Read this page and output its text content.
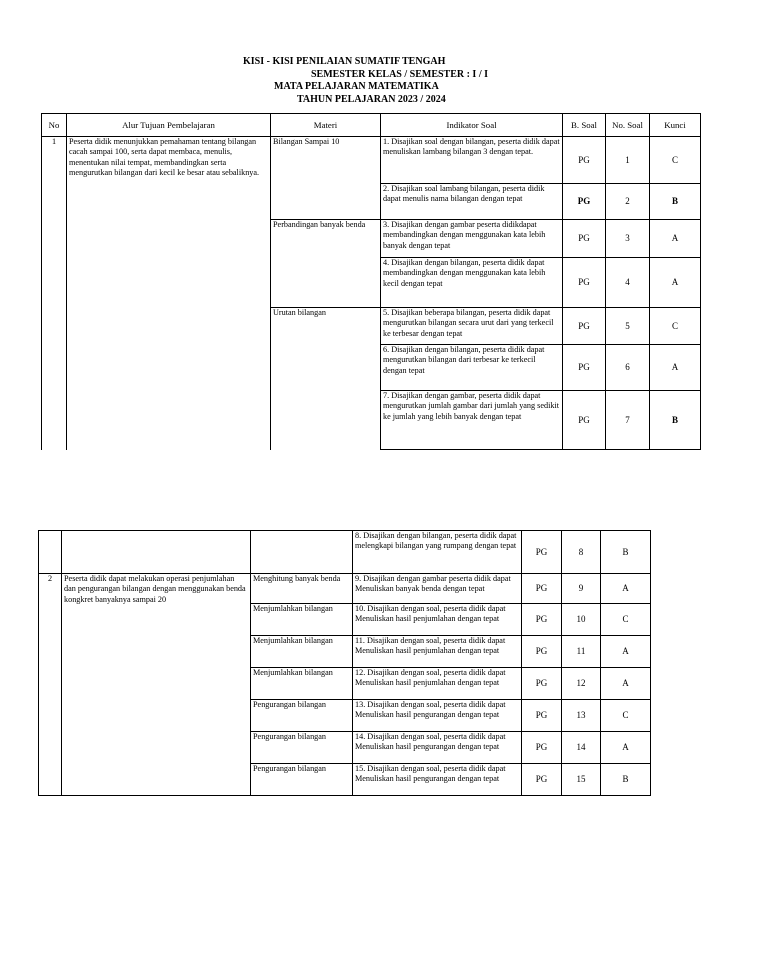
KISI - KISI PENILAIAN SUMATIF TENGAH
SEMESTER KELAS / SEMESTER : I / I
MATA PELAJARAN MATEMATIKA
TAHUN PELAJARAN 2023 / 2024
No	Alur Tujuan Pembelajaran	Materi	Indikator Soal	B. Soal	No. Soal	Kunci
1	Peserta didik menunjukkan pemahaman tentang bilangan cacah sampai 100, serta dapat membaca, menulis, menentukan nilai tempat, membandingkan serta mengurutkan bilangan dari kecil ke besar atau sebaliknya.	Bilangan Sampai 10	1. Disajikan soal dengan bilangan, peserta didik dapat menuliskan lambang bilangan 3 dengan tepat.	PG	1	C
			2. Disajikan soal lambang bilangan, peserta didik dapat menulis nama bilangan dengan tepat	PG	2	B
		Perbandingan banyak benda	3. Disajikan dengan gambar peserta didikdapat membandingkan dengan menggunakan kata lebih banyak dengan tepat	PG	3	A
			4. Disajikan dengan bilangan, peserta didik dapat membandingkan dengan menggunakan kata lebih kecil dengan tepat	PG	4	A
		Urutan bilangan	5. Disajikan beberapa bilangan, peserta didik dapat mengurutkan bilangan secara urut dari yang terkecil ke terbesar dengan tepat	PG	5	C
			6. Disajikan dengan bilangan, peserta didik dapat mengurutkan bilangan dari terbesar ke terkecil dengan tepat	PG	6	A
			7. Disajikan dengan gambar, peserta didik dapat mengurutkan jumlah gambar dari jumlah yang sedikit ke jumlah yang lebih banyak dengan tepat	PG	7	B
			8. Disajikan dengan bilangan, peserta didik dapat melengkapi bilangan yang rumpang dengan tepat	PG	8	B
2	Peserta didik dapat melakukan operasi penjumlahan dan pengurangan bilangan dengan menggunakan benda kongkret banyaknya sampai 20	Menghitung banyak benda	9. Disajikan dengan gambar peserta didik dapat Menuliskan banyak benda dengan tepat	PG	9	A
		Menjumlahkan bilangan	10. Disajikan dengan soal, peserta didik dapat Menuliskan hasil penjumlahan dengan tepat	PG	10	C
		Menjumlahkan bilangan	11. Disajikan dengan soal, peserta didik dapat Menuliskan hasil penjumlahan dengan tepat	PG	11	A
		Menjumlahkan bilangan	12. Disajikan dengan soal, peserta didik dapat Menuliskan hasil penjumlahan dengan tepat	PG	12	A
		Pengurangan bilangan	13. Disajikan dengan soal, peserta didik dapat Menuliskan hasil pengurangan dengan tepat	PG	13	C
		Pengurangan bilangan	14. Disajikan dengan soal, peserta didik dapat Menuliskan hasil pengurangan dengan tepat	PG	14	A
		Pengurangan bilangan	15. Disajikan dengan soal, peserta didik dapat Menuliskan hasil pengurangan dengan tepat	PG	15	B
